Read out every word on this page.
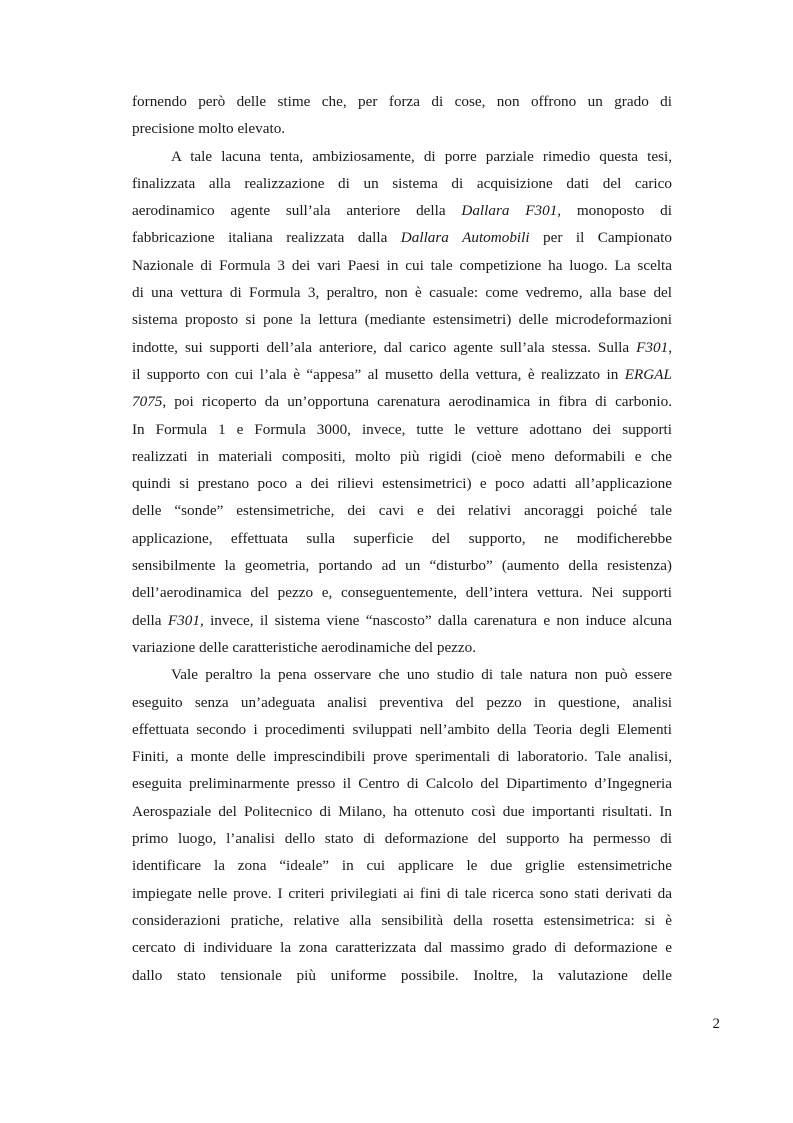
fornendo però delle stime che, per forza di cose, non offrono un grado di
precisione molto elevato.
A tale lacuna tenta, ambiziosamente, di porre parziale rimedio questa tesi,
finalizzata alla realizzazione di un sistema di acquisizione dati del carico
aerodinamico agente sull’ala anteriore della Dallara F301, monoposto di
fabbricazione italiana realizzata dalla Dallara Automobili per il Campionato
Nazionale di Formula 3 dei vari Paesi in cui tale competizione ha luogo. La scelta
di una vettura di Formula 3, peraltro, non è casuale: come vedremo, alla base del
sistema proposto si pone la lettura (mediante estensimetri) delle microdeformazioni
indotte, sui supporti dell’ala anteriore, dal carico agente sull’ala stessa. Sulla F301,
il supporto con cui l’ala è “appesa” al musetto della vettura, è realizzato in ERGAL
7075, poi ricoperto da un’opportuna carenatura aerodinamica in fibra di carbonio.
In Formula 1 e Formula 3000, invece, tutte le vetture adottano dei supporti
realizzati in materiali compositi, molto più rigidi (cioè meno deformabili e che
quindi si prestano poco a dei rilievi estensimetrici) e poco adatti all’applicazione
delle “sonde” estensimetriche, dei cavi e dei relativi ancoraggi poiché tale
applicazione, effettuata sulla superficie del supporto, ne modificherebbe
sensibilmente la geometria, portando ad un “disturbo” (aumento della resistenza)
dell’aerodinamica del pezzo e, conseguentemente, dell’intera vettura. Nei supporti
della F301, invece, il sistema viene “nascosto” dalla carenatura e non induce alcuna
variazione delle caratteristiche aerodinamiche del pezzo.
Vale peraltro la pena osservare che uno studio di tale natura non può essere
eseguito senza un’adeguata analisi preventiva del pezzo in questione, analisi
effettuata secondo i procedimenti sviluppati nell’ambito della Teoria degli Elementi
Finiti, a monte delle imprescindibili prove sperimentali di laboratorio. Tale analisi,
eseguita preliminarmente presso il Centro di Calcolo del Dipartimento d’Ingegneria
Aerospaziale del Politecnico di Milano, ha ottenuto così due importanti risultati. In
primo luogo, l’analisi dello stato di deformazione del supporto ha permesso di
identificare la zona “ideale” in cui applicare le due griglie estensimetriche
impiegate nelle prove. I criteri privilegiati ai fini di tale ricerca sono stati derivati da
considerazioni pratiche, relative alla sensibilità della rosetta estensimetrica: si è
cercato di individuare la zona caratterizzata dal massimo grado di deformazione e
dallo stato tensionale più uniforme possibile. Inoltre, la valutazione delle
2
